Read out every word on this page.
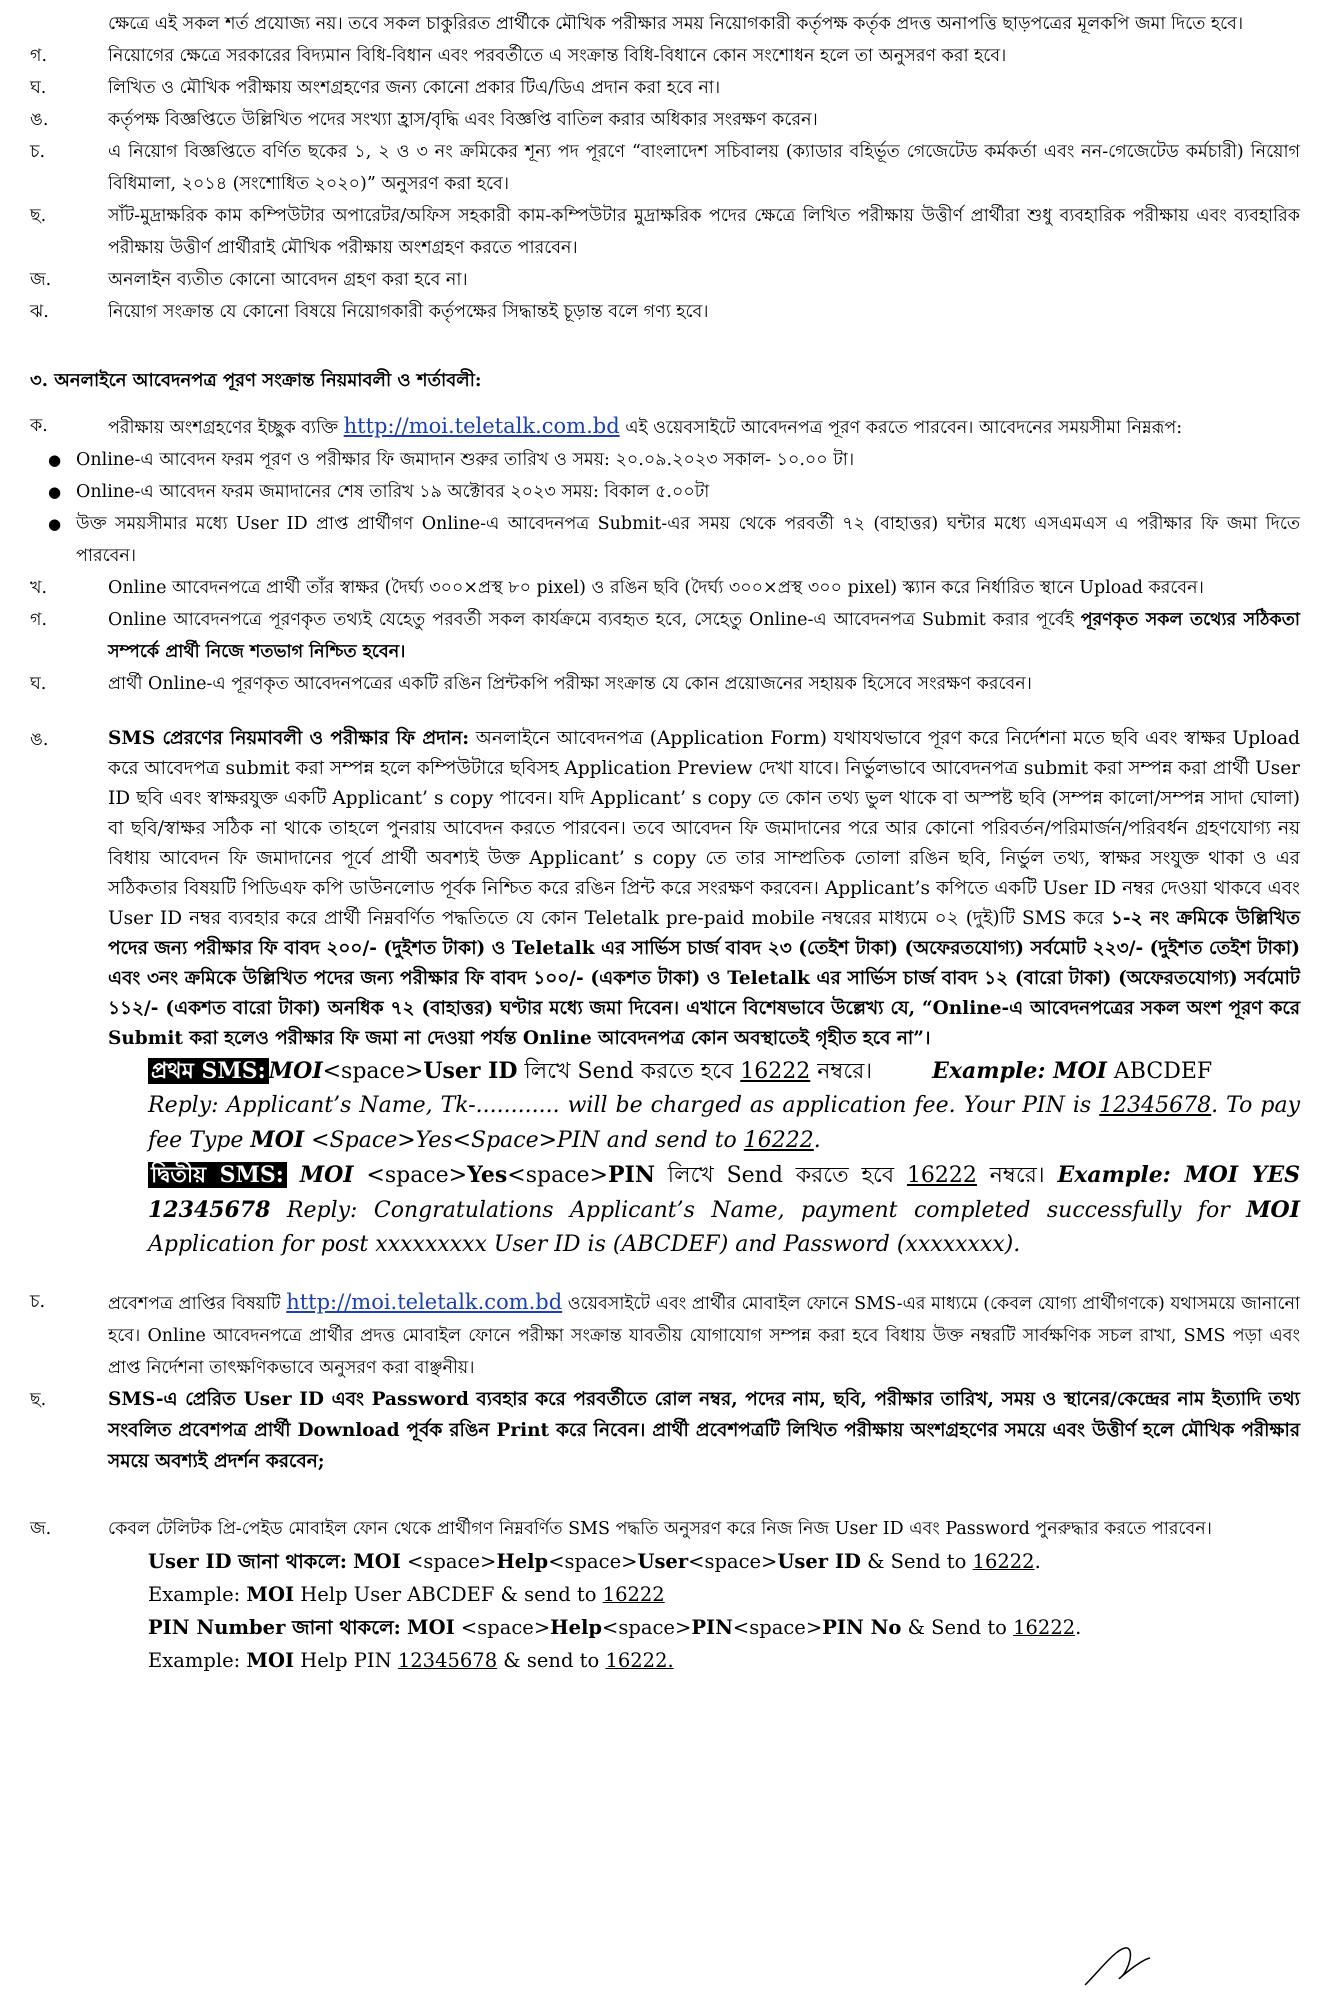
ক্ষেত্রে এই সকল শর্ত প্রযোজ্য নয়। তবে সকল চাকুরিরত প্রার্থীকে মৌখিক পরীক্ষার সময় নিয়োগকারী কর্তৃপক্ষ কর্তৃক প্রদত্ত অনাপত্তি ছাড়পত্রের মূলকপি জমা দিতে হবে।
গ.	নিয়োগের ক্ষেত্রে সরকারের বিদ্যমান বিধি-বিধান এবং পরবর্তীতে এ সংক্রান্ত বিধি-বিধানে কোন সংশোধন হলে তা অনুসরণ করা হবে।
ঘ.	লিখিত ও মৌখিক পরীক্ষায় অংশগ্রহণের জন্য কোনো প্রকার টিএ/ডিএ প্রদান করা হবে না।
ঙ.	কর্তৃপক্ষ বিজ্ঞপ্তিতে উল্লিখিত পদের সংখ্যা হ্রাস/বৃদ্ধি এবং বিজ্ঞপ্তি বাতিল করার অধিকার সংরক্ষণ করেন।
চ.	এ নিয়োগ বিজ্ঞপ্তিতে বর্ণিত ছকের ১, ২ ও ৩ নং ক্রমিকের শূন্য পদ পূরণে “বাংলাদেশ সচিবালয় (ক্যাডার বহির্ভূত গেজেটেড কর্মকর্তা এবং নন-গেজেটেড কর্মচারী) নিয়োগ বিধিমালা, ২০১৪ (সংশোধিত ২০২০)” অনুসরণ করা হবে।
ছ.	সাঁট-মুদ্রাক্ষরিক কাম কম্পিউটার অপারেটর/অফিস সহকারী কাম-কম্পিউটার মুদ্রাক্ষরিক পদের ক্ষেত্রে লিখিত পরীক্ষায় উত্তীর্ণ প্রার্থীরা শুধু ব্যবহারিক পরীক্ষায় এবং ব্যবহারিক পরীক্ষায় উত্তীর্ণ প্রার্থীরাই মৌখিক পরীক্ষায় অংশগ্রহণ করতে পারবেন।
জ.	অনলাইন ব্যতীত কোনো আবেদন গ্রহণ করা হবে না।
ঝ.	নিয়োগ সংক্রান্ত যে কোনো বিষয়ে নিয়োগকারী কর্তৃপক্ষের সিদ্ধান্তই চূড়ান্ত বলে গণ্য হবে।
৩. অনলাইনে আবেদনপত্র পূরণ সংক্রান্ত নিয়মাবলী ও শর্তাবলী:
ক.	পরীক্ষায় অংশগ্রহণের ইচ্ছুক ব্যক্তি http://moi.teletalk.com.bd এই ওয়েবসাইটে আবেদনপত্র পূরণ করতে পারবেন। আবেদনের সময়সীমা নিম্নরূপ:
● Online-এ আবেদন ফরম পূরণ ও পরীক্ষার ফি জমাদান শুরুর তারিখ ও সময়: ২০.০৯.২০২৩ সকাল- ১০.০০ টা।
● Online-এ আবেদন ফরম জমাদানের শেষ তারিখ ১৯ অক্টোবর ২০২৩ সময়: বিকাল ৫.০০টা
● উক্ত সময়সীমার মধ্যে User ID প্রাপ্ত প্রার্থীগণ Online-এ আবেদনপত্র Submit-এর সময় থেকে পরবর্তী ৭২ (বাহাত্তর) ঘন্টার মধ্যে এসএমএস এ পরীক্ষার ফি জমা দিতে পারবেন।
খ.	Online আবেদনপত্রে প্রার্থী তাঁর স্বাক্ষর (দৈর্ঘ্য ৩০০×প্রস্থ ৮০ pixel) ও রঙিন ছবি (দৈর্ঘ্য ৩০০×প্রস্থ ৩০০ pixel) স্ক্যান করে নির্ধারিত স্থানে Upload করবেন।
গ.	Online আবেদনপত্রে পূরণকৃত তথ্যই যেহেতু পরবর্তী সকল কার্যক্রমে ব্যবহৃত হবে, সেহেতু Online-এ আবেদনপত্র Submit করার পূর্বেই পূরণকৃত সকল তথ্যের সঠিকতা সম্পর্কে প্রার্থী নিজে শতভাগ নিশ্চিত হবেন।
ঘ.	প্রার্থী Online-এ পূরণকৃত আবেদনপত্রের একটি রঙিন প্রিন্টকপি পরীক্ষা সংক্রান্ত যে কোন প্রয়োজনের সহায়ক হিসেবে সংরক্ষণ করবেন।
ঙ.	SMS প্রেরণের নিয়মাবলী ও পরীক্ষার ফি প্রদান: অনলাইনে আবেদনপত্র (Application Form) যথাযথভাবে পূরণ করে নির্দেশনা মতে ছবি এবং স্বাক্ষর Upload করে আবেদপত্র submit করা সম্পন্ন হলে কম্পিউটারে ছবিসহ Application Preview দেখা যাবে। নির্ভুলভাবে আবেদনপত্র submit করা সম্পন্ন করা প্রার্থী User ID ছবি এবং স্বাক্ষরযুক্ত একটি Applicant’ s copy পাবেন। যদি Applicant’ s copy তে কোন তথ্য ভুল থাকে বা অস্পষ্ট ছবি (সম্পন্ন কালো/সম্পন্ন সাদা ঘোলা) বা ছবি/স্বাক্ষর সঠিক না থাকে তাহলে পুনরায় আবেদন করতে পারবেন। তবে আবেদন ফি জমাদানের পরে আর কোনো পরিবর্তন/পরিমার্জন/পরিবর্ধন গ্রহণযোগ্য নয় বিধায় আবেদন ফি জমাদানের পূর্বে প্রার্থী অবশ্যই উক্ত Applicant’ s copy তে তার সাম্প্রতিক তোলা রঙিন ছবি, নির্ভুল তথ্য, স্বাক্ষর সংযুক্ত থাকা ও এর সঠিকতার বিষয়টি পিডিএফ কপি ডাউনলোড পূর্বক নিশ্চিত করে রঙিন প্রিন্ট করে সংরক্ষণ করবেন। Applicant’s কপিতে একটি User ID নম্বর দেওয়া থাকবে এবং User ID নম্বর ব্যবহার করে প্রার্থী নিম্নবর্ণিত পদ্ধতিতে যে কোন Teletalk pre-paid mobile নম্বরের মাধ্যমে ০২ (দুই)টি SMS করে ১-২ নং ক্রমিকে উল্লিখিত পদের জন্য পরীক্ষার ফি বাবদ ২০০/- (দুইশত টাকা) ও Teletalk এর সার্ভিস চার্জ বাবদ ২৩ (তেইশ টাকা) (অফেরতযোগ্য) সর্বমোট ২২৩/- (দুইশত তেইশ টাকা) এবং ৩নং ক্রমিকে উল্লিখিত পদের জন্য পরীক্ষার ফি বাবদ ১০০/- (একশত টাকা) ও Teletalk এর সার্ভিস চার্জ বাবদ ১২ (বারো টাকা) (অফেরতযোগ্য) সর্বমোট ১১২/- (একশত বারো টাকা) অনধিক ৭২ (বাহাত্তর) ঘণ্টার মধ্যে জমা দিবেন। এখানে বিশেষভাবে উল্লেখ্য যে, “Online-এ আবেদনপত্রের সকল অংশ পূরণ করে Submit করা হলেও পরীক্ষার ফি জমা না দেওয়া পর্যন্ত Online আবেদনপত্র কোন অবস্থাতেই গৃহীত হবে না”।
প্রথম SMS: MOI<space>User ID লিখে Send করতে হবে 16222 নম্বরে।	Example: MOI ABCDEF
Reply: Applicant’s Name, Tk-............ will be charged as application fee. Your PIN is 12345678. To pay fee Type MOI <Space>Yes<Space>PIN and send to 16222.
দ্বিতীয় SMS: MOI <space>Yes<space>PIN লিখে Send করতে হবে 16222 নম্বরে। Example: MOI YES 12345678 Reply: Congratulations Applicant’s Name, payment completed successfully for MOI Application for post xxxxxxxxx User ID is (ABCDEF) and Password (xxxxxxxx).
চ.	প্রবেশপত্র প্রাপ্তির বিষয়টি http://moi.teletalk.com.bd ওয়েবসাইটে এবং প্রার্থীর মোবাইল ফোনে SMS-এর মাধ্যমে (কেবল যোগ্য প্রার্থীগণকে) যথাসময়ে জানানো হবে। Online আবেদনপত্রে প্রার্থীর প্রদত্ত মোবাইল ফোনে পরীক্ষা সংক্রান্ত যাবতীয় যোগাযোগ সম্পন্ন করা হবে বিধায় উক্ত নম্বরটি সার্বক্ষণিক সচল রাখা, SMS পড়া এবং প্রাপ্ত নির্দেশনা তাৎক্ষণিকভাবে অনুসরণ করা বাঞ্ছনীয়।
ছ.	SMS-এ প্রেরিত User ID এবং Password ব্যবহার করে পরবর্তীতে রোল নম্বর, পদের নাম, ছবি, পরীক্ষার তারিখ, সময় ও স্থানের/কেন্দ্রের নাম ইত্যাদি তথ্য সংবলিত প্রবেশপত্র প্রার্থী Download পূর্বক রঙিন Print করে নিবেন। প্রার্থী প্রবেশপত্রটি লিখিত পরীক্ষায় অংশগ্রহণের সময়ে এবং উত্তীর্ণ হলে মৌখিক পরীক্ষার সময়ে অবশ্যই প্রদর্শন করবেন;
জ.	কেবল টেলিটক প্রি-পেইড মোবাইল ফোন থেকে প্রার্থীগণ নিম্নবর্ণিত SMS পদ্ধতি অনুসরণ করে নিজ নিজ User ID এবং Password পুনরুদ্ধার করতে পারবেন।
User ID জানা থাকলে: MOI <space>Help<space>User<space>User ID & Send to 16222.
Example: MOI Help User ABCDEF & send to 16222
PIN Number জানা থাকলে: MOI <space>Help<space>PIN<space>PIN No & Send to 16222.
Example: MOI Help PIN 12345678 & send to 16222.
